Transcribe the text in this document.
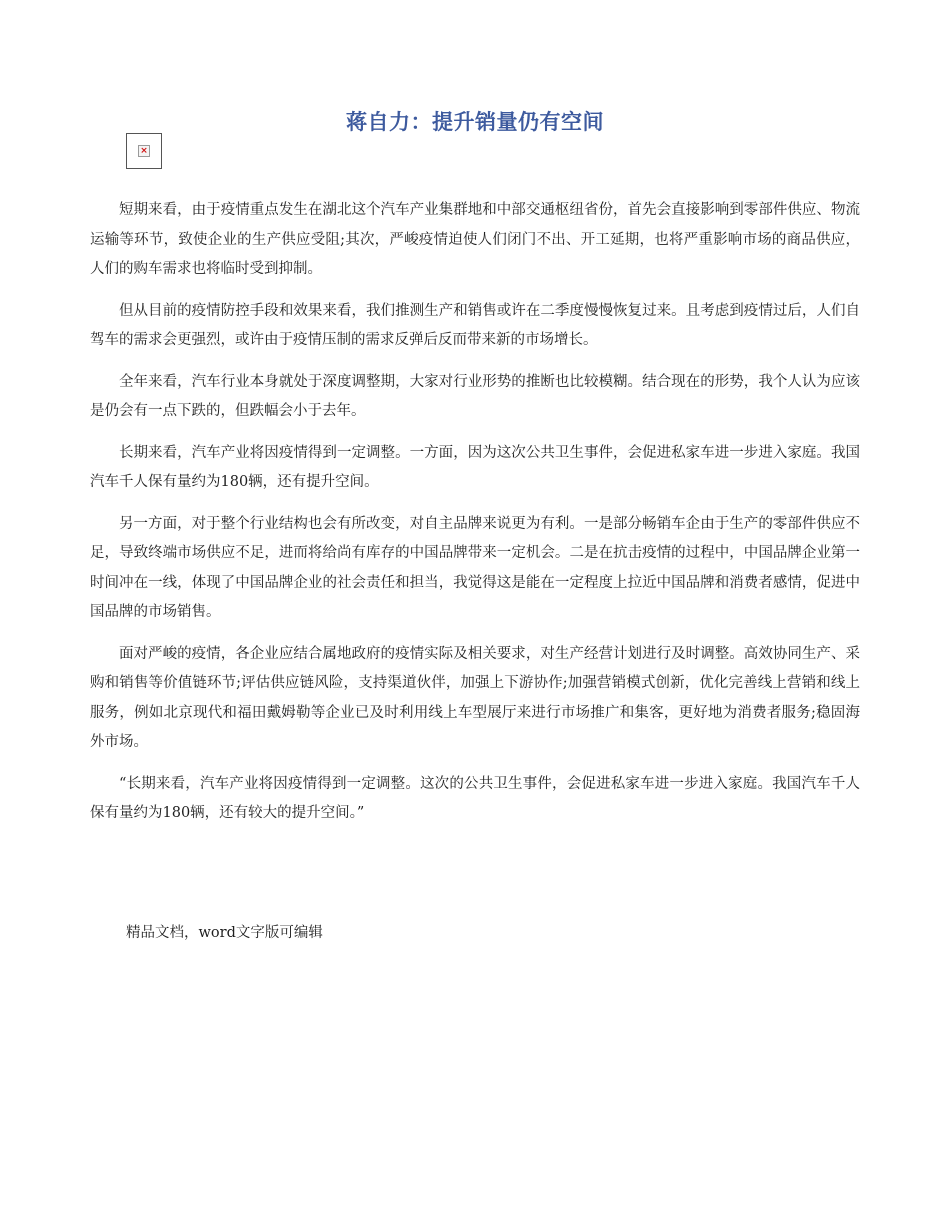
蒋自力：提升销量仍有空间
×

短期来看，由于疫情重点发生在湖北这个汽车产业集群地和中部交通枢纽省份，首先会直接影响到零部件供应、物流运输等环节，致使企业的生产供应受阻;其次，严峻疫情迫使人们闭门不出、开工延期，也将严重影响市场的商品供应，人们的购车需求也将临时受到抑制。

但从目前的疫情防控手段和效果来看，我们推测生产和销售或许在二季度慢慢恢复过来。且考虑到疫情过后，人们自驾车的需求会更强烈，或许由于疫情压制的需求反弹后反而带来新的市场增长。

全年来看，汽车行业本身就处于深度调整期，大家对行业形势的推断也比较模糊。结合现在的形势，我个人认为应该是仍会有一点下跌的，但跌幅会小于去年。

长期来看，汽车产业将因疫情得到一定调整。一方面，因为这次公共卫生事件，会促进私家车进一步进入家庭。我国汽车千人保有量约为180辆，还有提升空间。

另一方面，对于整个行业结构也会有所改变，对自主品牌来说更为有利。一是部分畅销车企由于生产的零部件供应不足，导致终端市场供应不足，进而将给尚有库存的中国品牌带来一定机会。二是在抗击疫情的过程中，中国品牌企业第一时间冲在一线，体现了中国品牌企业的社会责任和担当，我觉得这是能在一定程度上拉近中国品牌和消费者感情，促进中国品牌的市场销售。

面对严峻的疫情，各企业应结合属地政府的疫情实际及相关要求，对生产经营计划进行及时调整。高效协同生产、采购和销售等价值链环节;评估供应链风险，支持渠道伙伴，加强上下游协作;加强营销模式创新，优化完善线上营销和线上服务，例如北京现代和福田戴姆勒等企业已及时利用线上车型展厅来进行市场推广和集客，更好地为消费者服务;稳固海外市场。

“长期来看，汽车产业将因疫情得到一定调整。这次的公共卫生事件，会促进私家车进一步进入家庭。我国汽车千人保有量约为180辆，还有较大的提升空间。”

精品文档，word文字版可编辑
